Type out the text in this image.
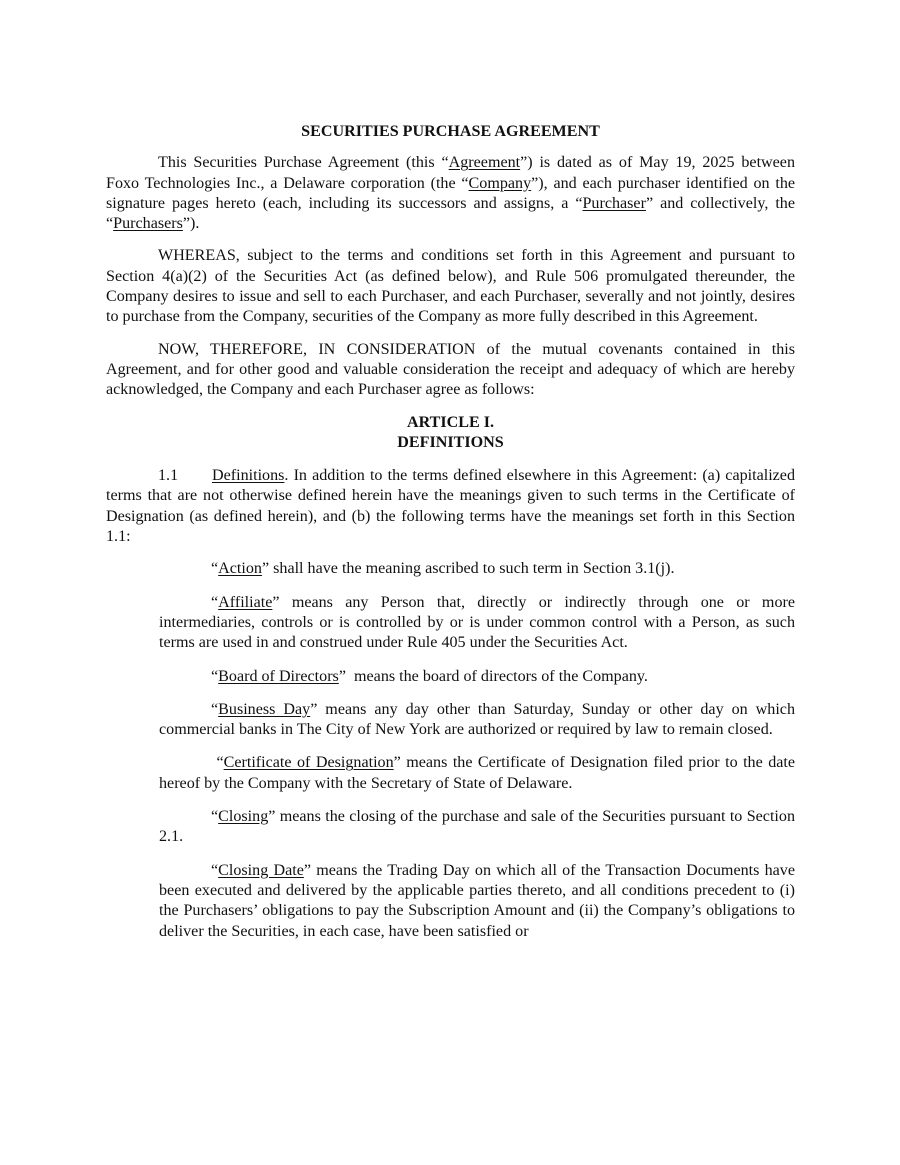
SECURITIES PURCHASE AGREEMENT

This Securities Purchase Agreement (this “Agreement”) is dated as of May 19, 2025 between Foxo Technologies Inc., a Delaware corporation (the “Company”), and each purchaser identified on the signature pages hereto (each, including its successors and assigns, a “Purchaser” and collectively, the “Purchasers”).

WHEREAS, subject to the terms and conditions set forth in this Agreement and pursuant to Section 4(a)(2) of the Securities Act (as defined below), and Rule 506 promulgated thereunder, the Company desires to issue and sell to each Purchaser, and each Purchaser, severally and not jointly, desires to purchase from the Company, securities of the Company as more fully described in this Agreement.

NOW, THEREFORE, IN CONSIDERATION of the mutual covenants contained in this Agreement, and for other good and valuable consideration the receipt and adequacy of which are hereby acknowledged, the Company and each Purchaser agree as follows:

ARTICLE I.
DEFINITIONS

1.1 Definitions. In addition to the terms defined elsewhere in this Agreement: (a) capitalized terms that are not otherwise defined herein have the meanings given to such terms in the Certificate of Designation (as defined herein), and (b) the following terms have the meanings set forth in this Section 1.1:

“Action” shall have the meaning ascribed to such term in Section 3.1(j).

“Affiliate” means any Person that, directly or indirectly through one or more intermediaries, controls or is controlled by or is under common control with a Person, as such terms are used in and construed under Rule 405 under the Securities Act.

“Board of Directors”  means the board of directors of the Company.

“Business Day” means any day other than Saturday, Sunday or other day on which commercial banks in The City of New York are authorized or required by law to remain closed.

“Certificate of Designation” means the Certificate of Designation filed prior to the date hereof by the Company with the Secretary of State of Delaware.

“Closing” means the closing of the purchase and sale of the Securities pursuant to Section 2.1.

“Closing Date” means the Trading Day on which all of the Transaction Documents have been executed and delivered by the applicable parties thereto, and all conditions precedent to (i) the Purchasers’ obligations to pay the Subscription Amount and (ii) the Company’s obligations to deliver the Securities, in each case, have been satisfied or
